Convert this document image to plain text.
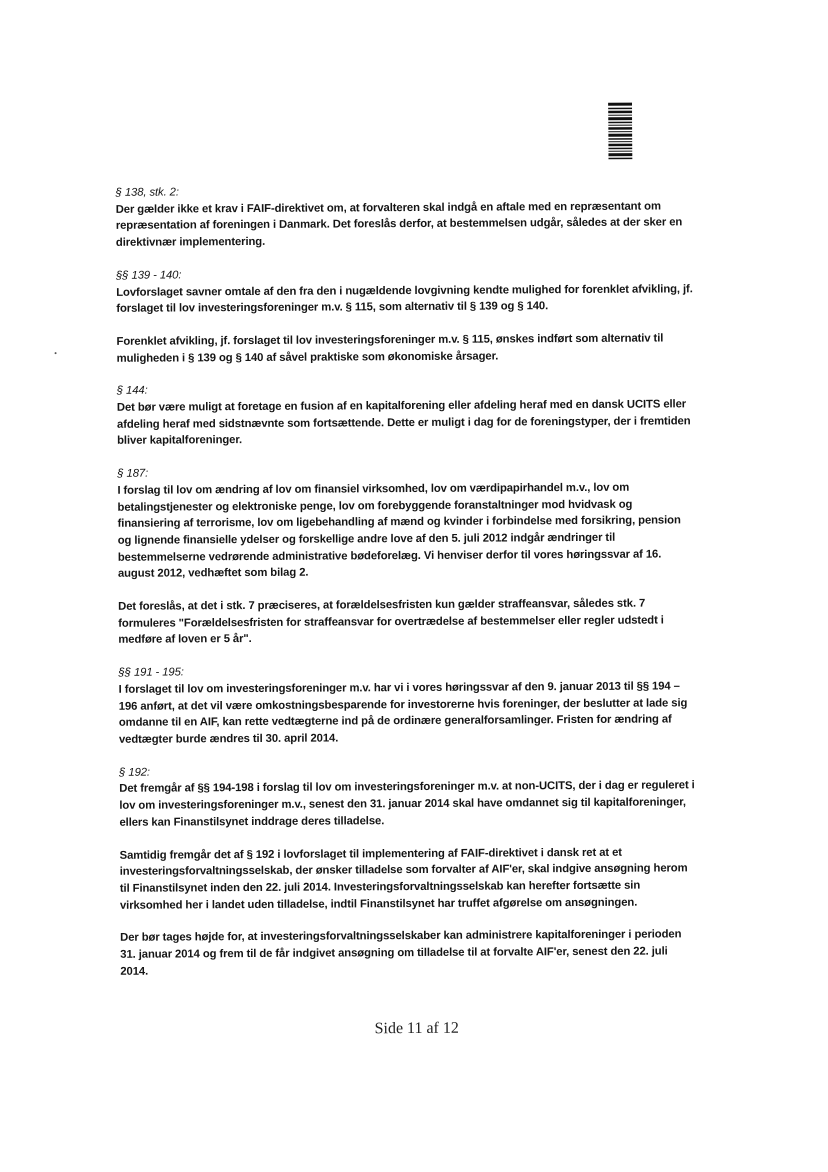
§ 138, stk. 2:

Der gælder ikke et krav i FAIF-direktivet om, at forvalteren skal indgå en aftale med en repræsentant om repræsentation af foreningen i Danmark. Det foreslås derfor, at bestemmelsen udgår, således at der sker en direktivnær implementering.

§§ 139 - 140:

Lovforslaget savner omtale af den fra den i nugældende lovgivning kendte mulighed for forenklet afvikling, jf. forslaget til lov investeringsforeninger m.v. § 115, som alternativ til § 139 og § 140.

Forenklet afvikling, jf. forslaget til lov investeringsforeninger m.v. § 115, ønskes indført som alternativ til muligheden i § 139 og § 140 af såvel praktiske som økonomiske årsager.

§ 144:

Det bør være muligt at foretage en fusion af en kapitalforening eller afdeling heraf med en dansk UCITS eller afdeling heraf med sidstnævnte som fortsættende. Dette er muligt i dag for de foreningstyper, der i fremtiden bliver kapitalforeninger.

§ 187:

I forslag til lov om ændring af lov om finansiel virksomhed, lov om værdipapirhandel m.v., lov om betalingstjenester og elektroniske penge, lov om forebyggende foranstaltninger mod hvidvask og finansiering af terrorisme, lov om ligebehandling af mænd og kvinder i forbindelse med forsikring, pension og lignende finansielle ydelser og forskellige andre love af den 5. juli 2012 indgår ændringer til bestemmelserne vedrørende administrative bødeforelæg. Vi henviser derfor til vores høringssvar af 16. august 2012, vedhæftet som bilag 2.

Det foreslås, at det i stk. 7 præciseres, at forældelsesfristen kun gælder straffeansvar, således stk. 7 formuleres "Forældelsesfristen for straffeansvar for overtrædelse af bestemmelser eller regler udstedt i medføre af loven er 5 år".

§§ 191 - 195:

I forslaget til lov om investeringsforeninger m.v. har vi i vores høringssvar af den 9. januar 2013 til §§ 194 – 196 anført, at det vil være omkostningsbesparende for investorerne hvis foreninger, der beslutter at lade sig omdanne til en AIF, kan rette vedtægterne ind på de ordinære generalforsamlinger. Fristen for ændring af vedtægter burde ændres til 30. april 2014.

§ 192:

Det fremgår af §§ 194-198 i forslag til lov om investeringsforeninger m.v. at non-UCITS, der i dag er reguleret i lov om investeringsforeninger m.v., senest den 31. januar 2014 skal have omdannet sig til kapitalforeninger, ellers kan Finanstilsynet inddrage deres tilladelse.

Samtidig fremgår det af § 192 i lovforslaget til implementering af FAIF-direktivet i dansk ret at et investeringsforvaltningsselskab, der ønsker tilladelse som forvalter af AIF'er, skal indgive ansøgning herom til Finanstilsynet inden den 22. juli 2014. Investeringsforvaltningsselskab kan herefter fortsætte sin virksomhed her i landet uden tilladelse, indtil Finanstilsynet har truffet afgørelse om ansøgningen.

Der bør tages højde for, at investeringsforvaltningsselskaber kan administrere kapitalforeninger i perioden 31. januar 2014 og frem til de får indgivet ansøgning om tilladelse til at forvalte AIF'er, senest den 22. juli 2014.

Side 11 af 12
